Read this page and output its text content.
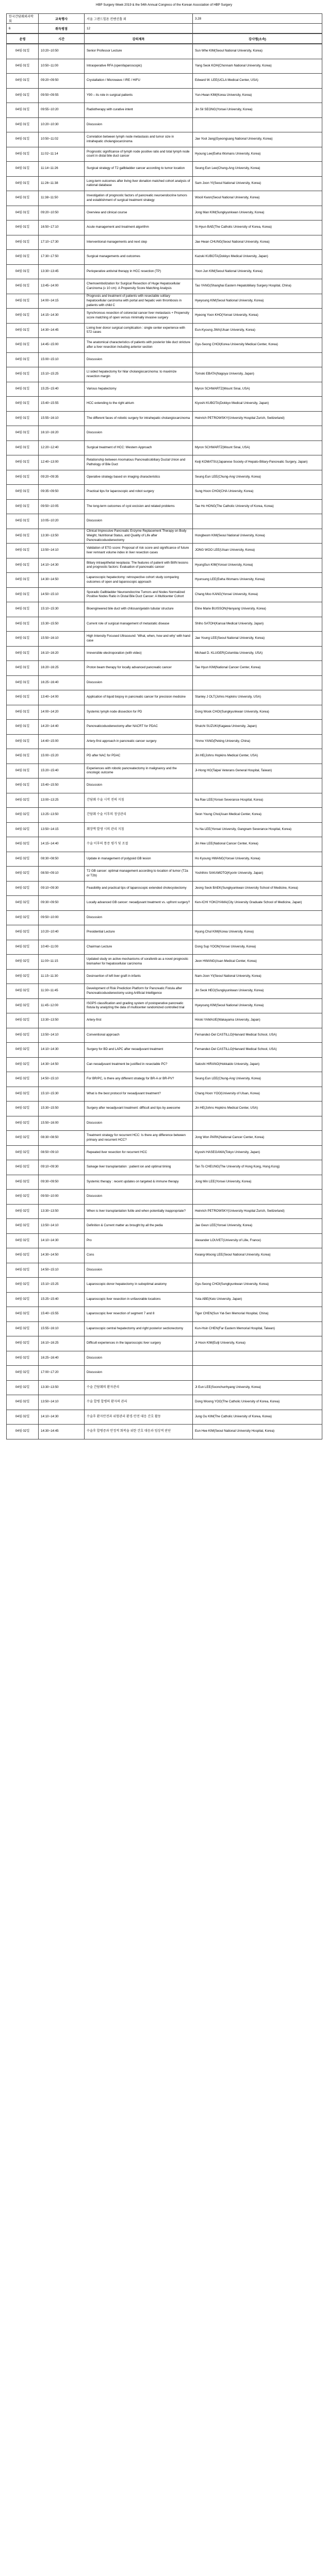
HBP Surgery Week 2019 & the 54th Annual Congress of the Korean Association of HBP Surgery
한국간담췌외과학회	교육행사	서울 그랜드힐튼 컨벤션홀 외	3.28
6	취득평점	12	
운영	시간	강의제목	강사명(소속)
04월 01일	10:20~10:50	Senior Professor Lecture	Sun Whe KIM(Seoul National University, Korea)
04월 01일	10:50~11:00	Intraoperative RFA (open/laparoscopic)	Yang Seok KOH(Chonnam National University, Korea)
04월 01일	09:20~09:50	Crystallation / Microwave / IRE / HIFU	Edward W. LEE(UCLA Medical Center, USA)
04월 01일	09:50~09:55	Y90 – its role in surgical patients	Yun-Hwan KIM(Korea University, Korea)
04월 01일	09:55~10:20	Radiotherapy with curative intent	Jin Sil SEONG(Yonsei University, Korea)
04월 01일	10:20~10:30	Discussion	
04월 01일	10:50~11:02	Correlation between lymph node metastasis and tumor size in intrahepatic cholangiocarcinoma	Jae Yool Jang(Gyeongsang National University, Korea)
04월 01일	11:02~11:14	Prognostic significance of lymph node positive ratio and total lymph node count in distal bile duct cancer	Hyoung Lee(Ewha Womans University, Korea)
04월 01일	11:14~11:26	Surgical strategy of T2 gallbladder cancer according to tumor location	Seung Eun Lee(Chung-Ang University, Korea)
04월 01일	11:26~11:38	Long-term outcomes after living liver donation matched cohort analysis of national database	Sam Joon YI(Seoul National University, Korea)
04월 01일	11:38~11:50	Investigation of prognostic factors of pancreatic neuroendocrine tumors and establishment of surgical treatment strategy	Wooil Kwon(Seoul National University, Korea)
04월 01일	09:20~10:50	Overview and clinical course	Jong Man KIM(Sungkyunkwan University, Korea)
04월 01일	16:50~17:10	Acute management and treatment algorithm	Si-Hyun BAE(The Catholic University of Korea, Korea)
04월 01일	17:10~17:30	Interventional managements and next step	Jae Hwan CHUNG(Seoul National University, Korea)
04월 01일	17:30~17:50	Surgical managements and outcomes	Kazuki KUBOTA(Dokkyo Medical University, Japan)
04월 01일	13:30~13:45	Perioperative antiviral therapy in HCC resection (TP)	Yoon Jun KIM(Seoul National University, Korea)
04월 01일	13:45~14:00	Chemoembolization for Surgical Resection of Huge Hepatocellular Carcinoma (≥ 10 cm): A Propensity Score Matching Analysis	Tao YANG(Shanghai Eastern Hepatobiliary Surgery Hospital, China)
04월 01일	14:00~14:15	Prognosis and treatment of patients with resectable solitary hepatocellular carcinoma with portal and hepatic vein thrombosis in patients with child C	Hyeyoung KIM(Seoul National University, Korea)
04월 01일	14:15~14:30	Synchronous resection of colorectal cancer liver metastasis + Propensity score matching of open versus minimally invasive surgery	Hyeong Yoon KHO(Yonsei University, Korea)
04월 01일	14:30~14:45	Living liver donor surgical complication : single center experience with 572 cases	Eun-Kyoung JWA(Ulsan University, Korea)
04월 01일	14:45~15:00	The anatomical characteristics of patients with posterior bile duct stricture after a liver resection including anterior section	Gyu-Seong CHOI(Korea University Medical Center, Korea)
04월 01일	15:00~15:10	Discussion	
04월 01일	15:10~15:25	Lt sided hepatectomy for hilar cholangiocarcinoma: to maximize resection margin	Tomoki EBATA(Nagoya University, Japan)
04월 01일	15:25~15:40	Various hepatectomy	Myron SCHWARTZ(Mount Sinai, USA)
04월 01일	15:40~15:55	HCC extending to the right atrium	Kiyoshi KUBOTA(Dokkyo Medical University, Japan)
04월 01일	15:55~16:10	The different faces of robotic surgery for intrahepatic cholangiocarcinoma	Heinrich PETROWSKY(University Hospital Zurich, Switzerland)
04월 01일	16:10~16:20	Discussion	
04월 01일	12:20~12:40	Surgical treatment of HCC: Western Approach	Myron SCHWARTZ(Mount Sinai, USA)
04월 01일	12:40~13:00	Relationship between Anomalous Pancreaticobiliary Ductal Union and Pathology of Bile Duct	Keiji KOMATSU(Japanese Society of Hepato-Biliary-Pancreatic Surgery, Japan)
04월 01일	09:20~09:35	Operative strategy based on imaging characteristics	Seung Eun LEE(Chung-Ang University, Korea)
04월 01일	09:35~09:50	Practical tips for laparoscopic and robot surgery	Sung Hoon CHOI(CHA University, Korea)
04월 01일	09:50~10:05	The long-term outcomes of cyst excision and related problems	Tae Ho HONG(The Catholic University of Korea, Korea)
04월 01일	10:05~10:20	Discussion	
04월 01일	13:30~13:50	Clinical Impressive Pancreatic Enzyme Replacement Therapy on Body Weight, Nutritional Status, and Quality of Life after Pancreaticoduodenectomy	Hongbeom KIM(Seoul National University, Korea)
04월 01일	13:50~14:10	Validation of ETG score: Proposal of risk score and significance of future liver remnant volume index in liver resection cases	JONG WOO LEE(Ulsan University, Korea)
04월 01일	14:10~14:30	Biliary intraepithelial neoplasia: The features of patient with BilIN lesions and prognostic factors: Evaluation of pancreatic cancer	HyungSun KIM(Yonsei University, Korea)
04월 01일	14:30~14:50	Laparoscopic hepatectomy: retrospective cohort study comparing outcomes of open and laparoscopic approach	Hyunsung LEE(Ewha Womans University, Korea)
04월 01일	14:50~15:10	Sporadic Gallbladder Neuroendocrine Tumors and Nodes Normalized Positive Nodes Ratio in Distal Bile Duct Cancer: A Multicenter Cohort	Chang Moo KANG(Yonsei University, Korea)
04월 01일	15:10~15:30	Bioengineered bile duct with chitosan/gelatin tubular structure	Eline Marie BUISSON(Hanyang University, Korea)
04월 01일	15:30~15:50	Current role of surgical management of metastatic disease	Shiho SATOH(Kansai Medical University, Japan)
04월 01일	15:50~16:10	High Intensity Focused Ultrasound: 'What, when, how and why' with hand case	Jae Young LEE(Seoul National University, Korea)
04월 01일	16:10~16:20	Irreversible electroporation (with video)	Michael D. KLUGER(Columbia University, USA)
04월 01일	16:20~16:25	Proton beam therapy for locally advanced pancreatic cancer	Tae Hyun KIM(National Cancer Center, Korea)
04월 01일	16:25~16:40	Discussion	
04월 01일	13:40~14:00	Application of liquid biopsy in pancreatic cancer for precision medicine	Stanley J OLT(Johns Hopkins University, USA)
04월 01일	14:00~14:20	Systemic lymph node dissection for PD	Dong Wook CHOI(Sungkyunkwan University, Korea)
04월 01일	14:20~14:40	Pancreaticoduodenectomy after NACRT for PDAC	Shuichi SUZUKI(Kagawa University, Japan)
04월 01일	14:40~15:00	Artery-first approach in pancreatic cancer surgery	Yinmo YANG(Peking University, China)
04월 01일	15:00~15:20	PD after NAC for PDAC	Jin HE(Johns Hopkins Medical Center, USA)
04월 01일	15:20~15:40	Experiences with robotic pancreatectomy in malignancy and the oncologic outcome	Ji-Hong HO(Taipei Veterans General Hospital, Taiwan)
04월 01일	15:40~15:50	Discussion	
04월 02일	13:00~13:25	간담췌 수술 시작 전의 지침	Na Rae LEE(Yonsei Severance Hospital, Korea)
04월 02일	13:25~13:50	간담췌 수술 이후의 정상관리	Seon Young Choi(Asan Medical Center, Korea)
04월 02일	13:50~14:15	췌장액 발생 시의 관리 지침	Yu Na LEE(Yonsei University, Gangnam Severance Hospital, Korea)
04월 02일	14:15~14:40	수술 이후의 통증 평가 및 조절	Jin Hee LEE(National Cancer Center, Korea)
04월 02일	08:30~08:50	Update in management of polypoid GB lesion	Ho Kyoung HWANG(Yonsei University, Korea)
04월 02일	08:50~09:10	T2 GB cancer: optimal management according to location of tumor (T2a or T2b)	Yoshihiro SAKAMOTO(Kyorin University, Japan)
04월 02일	09:10~09:30	Feasibility and practical tips of laparoscopic extended cholecystectomy	Jeong Seok BAEK(Sungkyunkwan University School of Medicine, Korea)
04월 02일	09:30~09:50	Locally advanced GB cancer: neoadjuvant treatment vs. upfront surgery?	Ken-ICHI YOKOYAMA(City University Graduate School of Medicine, Japan)
04월 02일	09:50~10:00	Discussion	
04월 02일	10:20~10:40	Presidential Lecture	Hyung Chul KIM(Korea University, Korea)
04월 02일	10:40~11:00	Chairman Lecture	Dong Sup YOON(Yonsei University, Korea)
04월 02일	11:00~11:15	Updated study on active mechanisms of sorafenib as a novel prognostic biomarker for hepatocellular carcinoma	Jeon HWANG(Asan Medical Center, Korea)
04월 02일	11:15~11:30	Desinsertion of left liver graft in infants	Nam-Joon YI(Seoul National University, Korea)
04월 02일	11:30~11:45	Development of Risk Prediction Platform for Pancreatic Fistula after Pancreaticoduodenectomy using Artificial Intelligence	Jin Seok HEO(Sungkyunkwan University, Korea)
04월 02일	11:45~12:00	ISGPS classification and grading system of postoperative pancreatic fistula by analyzing the data of multicenter randomized controlled trial	Hyeyoung KIM(Seoul National University, Korea)
04월 02일	13:30~13:50	Artery-first	Hiroki YAMAUE(Wakayama University, Japan)
04월 02일	13:50~14:10	Conventional approach	Fernandez-Del CASTILLO(Harvard Medical School, USA)
04월 02일	14:10~14:30	Surgery for BD and LAPC after neoadjuvant treatment	Fernandez-Del CASTILLO(Harvard Medical School, USA)
04월 02일	14:30~14:50	Can neoadjuvant treatment be justified in resectable PC?	Satoshi HIRANO(Hokkaido University, Japan)
04월 02일	14:50~15:10	For BR/PC, is there any different strategy for BR-A or BR-PV?	Seung Eun LEE(Chung-Ang University, Korea)
04월 02일	15:10~15:30	What is the best protocol for neoadjuvant treatment?	Chang Hoon YOO(University of Ulsan, Korea)
04월 02일	15:30~15:50	Surgery after neoadjuvant treatment: difficult and tips by awesome	Jin HE(Johns Hopkins Medical Center, USA)
04월 02일	15:50~16:00	Discussion	
04월 02일	08:30~08:50	Treatment strategy for recurrent HCC: Is there any difference between primary and recurrent HCC?	Jong Won PARK(National Cancer Center, Korea)
04월 02일	08:50~09:10	Repeated liver resection for recurrent HCC	Kiyoshi HASEGAWA(Tokyo University, Japan)
04월 02일	09:10~09:30	Salvage liver transplantation : patient ion and optimal timing	Tan To CHEUNG(The University of Hong Kong, Hong Kong)
04월 02일	09:30~09:50	Systemic therapy : recent updates on targeted & immune therapy	Jong Min LEE(Yonsei University, Korea)
04월 02일	09:50~10:00	Discussion	
04월 02일	13:30~13:50	When is liver transplantation futile and when potentially inappropriate?	Heinrich PETROWSKY(University Hospital Zurich, Switzerland)
04월 02일	13:50~14:10	Definition & Current matter as brought by all the pedia	Jae Geun LEE(Yonsei University, Korea)
04월 02일	14:10~14:30	Pro	Alexander LOUVET(University of Lille, France)
04월 02일	14:30~14:50	Cons	Kwang-Woong LEE(Seoul National University, Korea)
04월 02일	14:50~15:10	Discussion	
04월 02일	15:10~15:25	Laparoscopic donor hepatectomy in suboptimal anatomy	Gyu-Seong CHOI(Sungkyunkwan University, Korea)
04월 02일	15:25~15:40	Laparoscopic liver resection in unfavorable locations	Yuta ABE(Keio University, Japan)
04월 02일	15:40~15:55	Laparoscopic liver resection of segment 7 and 8	Tiger CHEN(Sun Yat-Sen Memorial Hospital, China)
04월 02일	15:55~16:10	Laparoscopic central hepatectomy and right posterior sectionectomy	Kun-Hsin CHEN(Far Eastern Memorial Hospital, Taiwan)
04월 02일	16:10~16:25	Difficult experiences in the laparoscopic liver surgery	Ji Hoon KIM(Eulji University, Korea)
04월 02일	16:25~16:40	Discussion	
04월 02일	17:00~17:20	Discussion	
04월 02일	13:30~13:50	수술 간담췌의 환자관리	Ji Eun LEE(Soonchunhyang University, Korea)
04월 02일	13:50~14:10	수술 합병 합병의 환자의 관리	Dong Woong YOO(The Catholic University of Korea, Korea)
04월 02일	14:10~14:30	수술후 환자안전과 위험관리 환경·안전 대응 간호 활동	Jung Gu KIM(The Catholic University of Korea, Korea)
04월 02일	14:30~14:45	수술후 합병증과 안정적 회복을 위한 간호 대응과 임상적 판단	Eun Hee KIM(Seoul National University Hospital, Korea)
